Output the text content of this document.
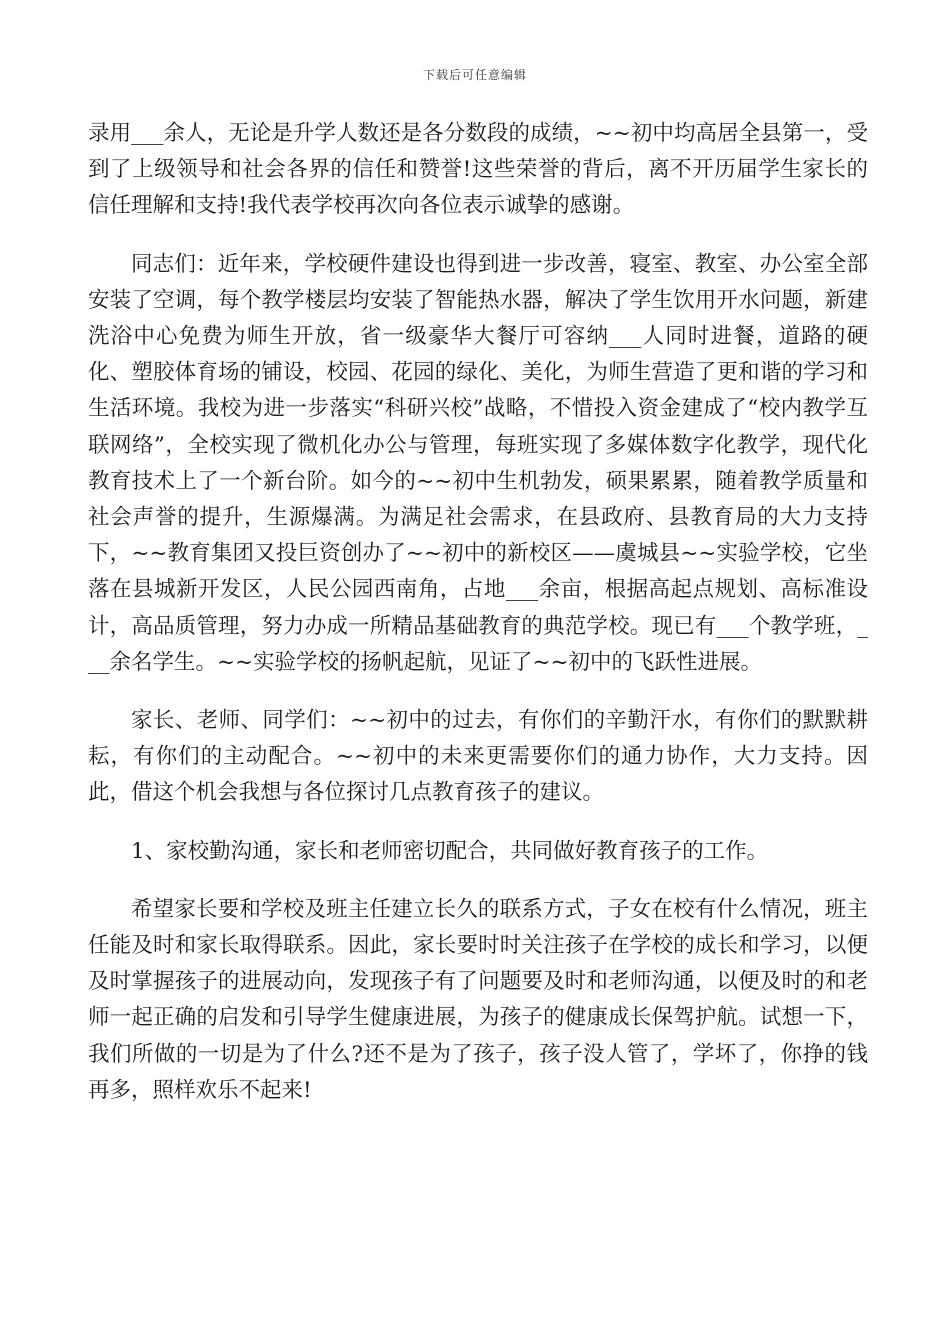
下载后可任意编辑

录用___余人，无论是升学人数还是各分数段的成绩，~~初中均高居全县第一，受到了上级领导和社会各界的信任和赞誉!这些荣誉的背后，离不开历届学生家长的信任理解和支持!我代表学校再次向各位表示诚挚的感谢。

同志们：近年来，学校硬件建设也得到进一步改善，寝室、教室、办公室全部安装了空调，每个教学楼层均安装了智能热水器，解决了学生饮用开水问题，新建洗浴中心免费为师生开放，省一级豪华大餐厅可容纳___人同时进餐，道路的硬化、塑胶体育场的铺设，校园、花园的绿化、美化，为师生营造了更和谐的学习和生活环境。我校为进一步落实“科研兴校”战略，不惜投入资金建成了“校内教学互联网络”，全校实现了微机化办公与管理，每班实现了多媒体数字化教学，现代化教育技术上了一个新台阶。如今的~~初中生机勃发，硕果累累，随着教学质量和社会声誉的提升，生源爆满。为满足社会需求，在县政府、县教育局的大力支持下，~~教育集团又投巨资创办了~~初中的新校区——虞城县~~实验学校，它坐落在县城新开发区，人民公园西南角，占地___余亩，根据高起点规划、高标准设计，高品质管理，努力办成一所精品基础教育的典范学校。现已有___个教学班，___余名学生。~~实验学校的扬帆起航，见证了~~初中的飞跃性进展。

家长、老师、同学们：~~初中的过去，有你们的辛勤汗水，有你们的默默耕耘，有你们的主动配合。~~初中的未来更需要你们的通力协作，大力支持。因此，借这个机会我想与各位探讨几点教育孩子的建议。

1、家校勤沟通，家长和老师密切配合，共同做好教育孩子的工作。

希望家长要和学校及班主任建立长久的联系方式，子女在校有什么情况，班主任能及时和家长取得联系。因此，家长要时时关注孩子在学校的成长和学习，以便及时掌握孩子的进展动向，发现孩子有了问题要及时和老师沟通，以便及时的和老师一起正确的启发和引导学生健康进展，为孩子的健康成长保驾护航。试想一下，我们所做的一切是为了什么?还不是为了孩子，孩子没人管了，学坏了，你挣的钱再多，照样欢乐不起来!
